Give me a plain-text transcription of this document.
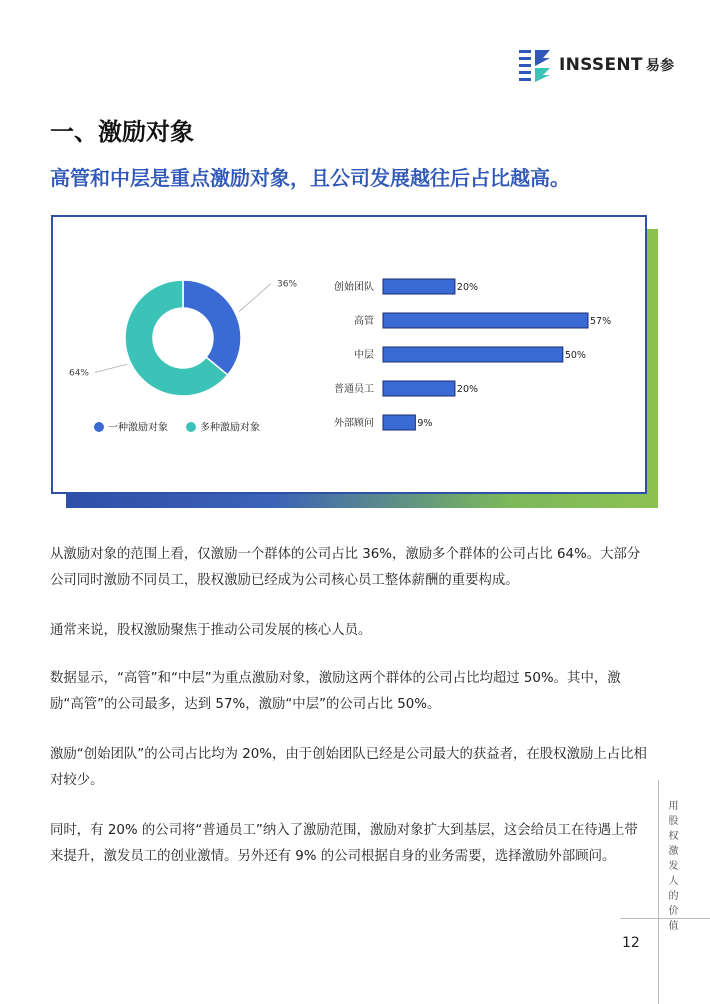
INSSENT 易参
一、激励对象
高管和中层是重点激励对象，且公司发展越往后占比越高。
36%
64%
一种激励对象	多种激励对象
创始团队	20%
高管	57%
中层	50%
普通员工	20%
外部顾问	9%

从激励对象的范围上看，仅激励一个群体的公司占比 36%，激励多个群体的公司占比 64%。大部分公司同时激励不同员工，股权激励已经成为公司核心员工整体薪酬的重要构成。

通常来说，股权激励聚焦于推动公司发展的核心人员。

数据显示，“高管”和“中层”为重点激励对象，激励这两个群体的公司占比均超过 50%。其中，激励“高管”的公司最多，达到 57%，激励“中层”的公司占比 50%。

激励“创始团队”的公司占比均为 20%，由于创始团队已经是公司最大的获益者，在股权激励上占比相对较少。

同时，有 20% 的公司将“普通员工”纳入了激励范围，激励对象扩大到基层，这会给员工在待遇上带来提升，激发员工的创业激情。另外还有 9% 的公司根据自身的业务需要，选择激励外部顾问。	用股权激发人的价值
12
